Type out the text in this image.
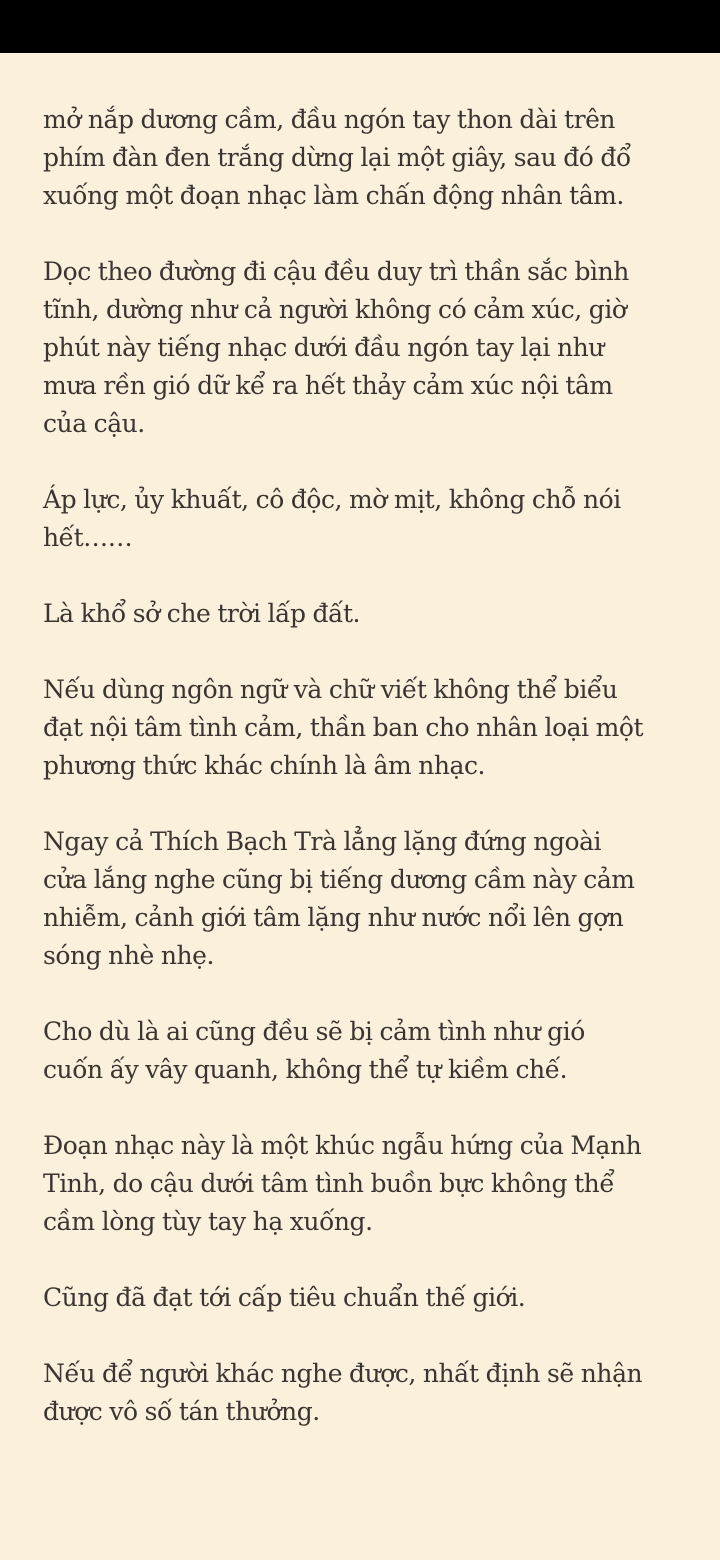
mở nắp dương cầm, đầu ngón tay thon dài trên
phím đàn đen trắng dừng lại một giây, sau đó đổ
xuống một đoạn nhạc làm chấn động nhân tâm.

Dọc theo đường đi cậu đều duy trì thần sắc bình
tĩnh, dường như cả người không có cảm xúc, giờ
phút này tiếng nhạc dưới đầu ngón tay lại như
mưa rền gió dữ kể ra hết thảy cảm xúc nội tâm
của cậu.

Áp lực, ủy khuất, cô độc, mờ mịt, không chỗ nói
hết……

Là khổ sở che trời lấp đất.

Nếu dùng ngôn ngữ và chữ viết không thể biểu
đạt nội tâm tình cảm, thần ban cho nhân loại một
phương thức khác chính là âm nhạc.

Ngay cả Thích Bạch Trà lẳng lặng đứng ngoài
cửa lắng nghe cũng bị tiếng dương cầm này cảm
nhiễm, cảnh giới tâm lặng như nước nổi lên gợn
sóng nhè nhẹ.

Cho dù là ai cũng đều sẽ bị cảm tình như gió
cuốn ấy vây quanh, không thể tự kiềm chế.

Đoạn nhạc này là một khúc ngẫu hứng của Mạnh
Tinh, do cậu dưới tâm tình buồn bực không thể
cầm lòng tùy tay hạ xuống.

Cũng đã đạt tới cấp tiêu chuẩn thế giới.

Nếu để người khác nghe được, nhất định sẽ nhận
được vô số tán thưởng.
